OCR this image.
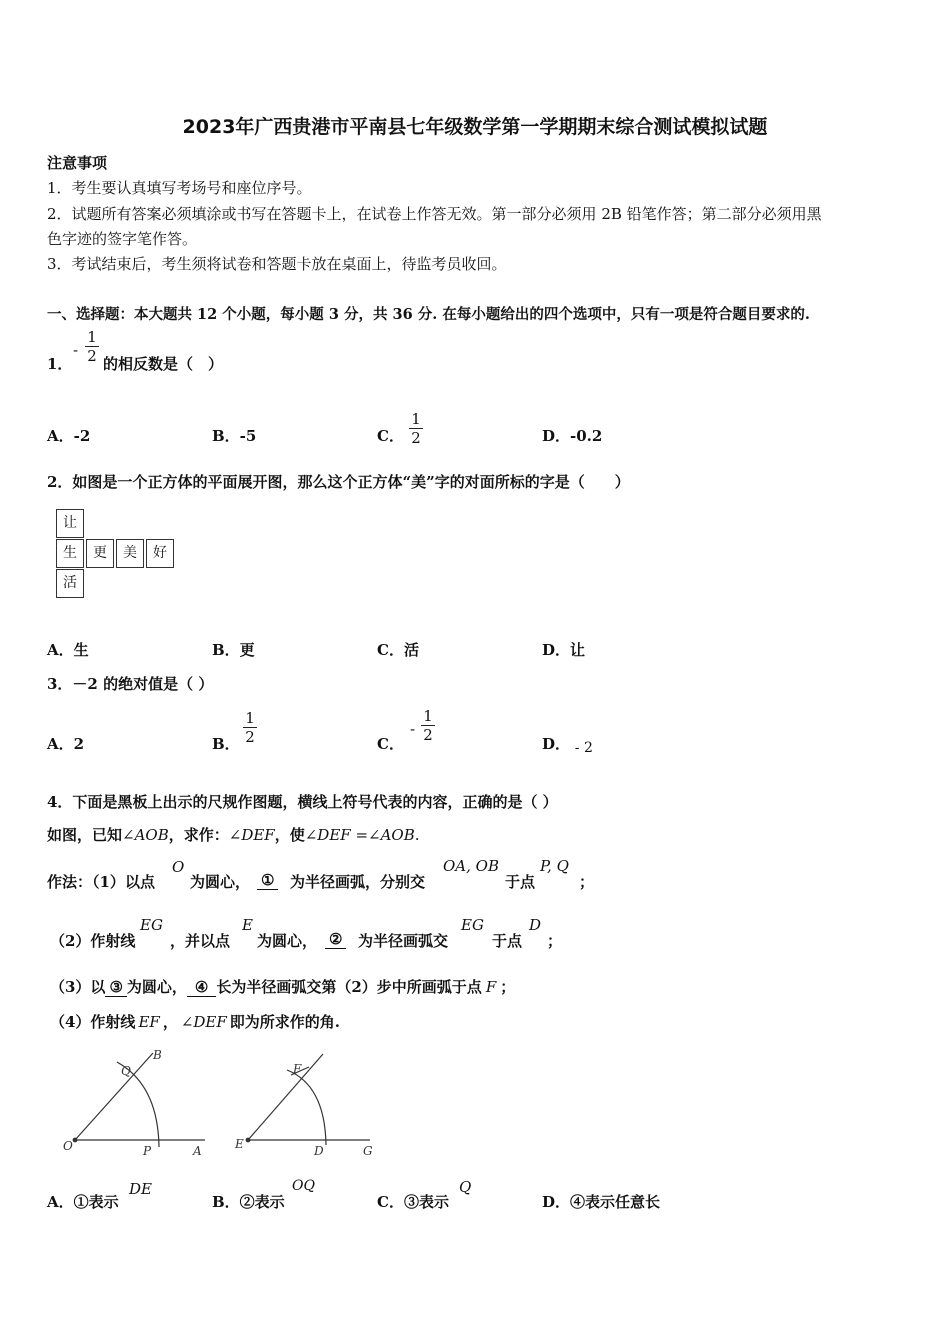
2023年广西贵港市平南县七年级数学第一学期期末综合测试模拟试题
注意事项
1．考生要认真填写考场号和座位序号。
2．试题所有答案必须填涂或书写在答题卡上，在试卷上作答无效。第一部分必须用 2B 铅笔作答；第二部分必须用黑
色字迹的签字笔作答。
3．考试结束后，考生须将试卷和答题卡放在桌面上，待监考员收回。
一、选择题：本大题共 12 个小题，每小题 3 分，共 36 分. 在每小题给出的四个选项中，只有一项是符合题目要求的.
1．
-
1
2 的相反数是（　）
A．-2	B．-5	C．
1
2	D．-0.2
2．如图是一个正方体的平面展开图，那么这个正方体“美”字的对面所标的字是（　　）
让
生	更	美	好
活
A．生	B．更	C．活	D．让
3．－2 的绝对值是（ ）
A．2	B．
1
2	C．
-
1
2	D． - 2
4．下面是黑板上出示的尺规作图题，横线上符号代表的内容，正确的是（ ）
如图，已知∠AOB，求作：∠DEF，使∠DEF =∠AOB.
作法：（1）以点
O
为圆心， ① 为半径画弧，分别交
OA, OB
于点
P, Q
；
（2）作射线
EG
，并以点
E
为圆心， ② 为半径画弧交
EG
于点
D
；
（3）以 ③ 为圆心， ④ 长为半径画弧交第（2）步中所画弧于点 F ；
（4）作射线 EF ， ∠DEF 即为所求作的角.
O	P	A
Q
B
E	D	G
F
A．①表示
DE
B．②表示
OQ
C．③表示
Q
D．④表示任意长
